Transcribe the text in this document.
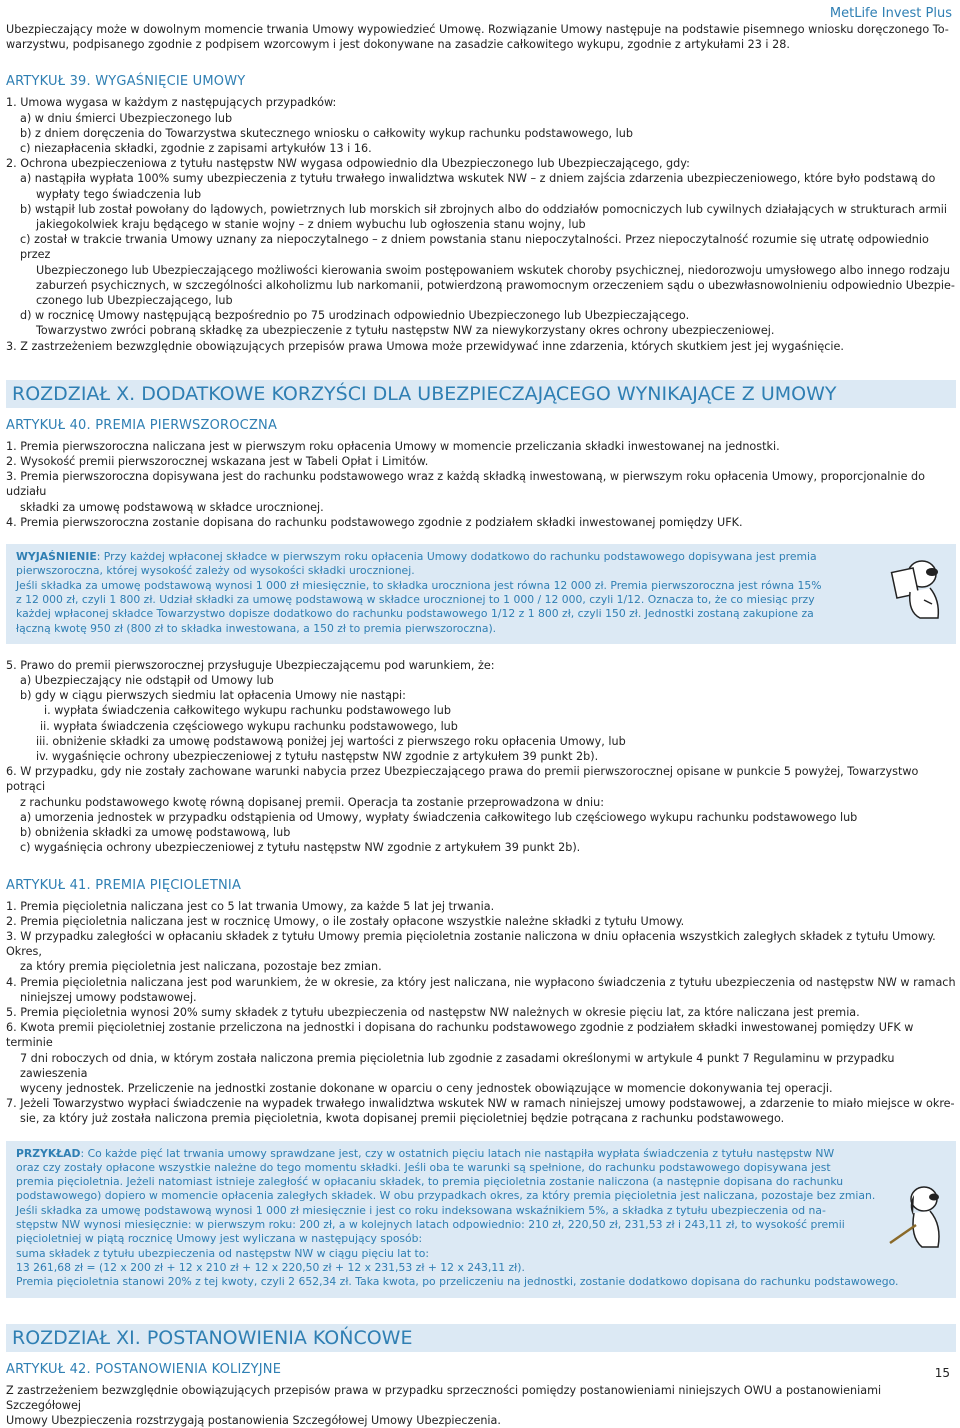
MetLife Invest Plus

Ubezpieczający może w dowolnym momencie trwania Umowy wypowiedzieć Umowę. Rozwiązanie Umowy następuje na podstawie pisemnego wniosku doręczonego To-

warzystwu, podpisanego zgodnie z podpisem wzorcowym i jest dokonywane na zasadzie całkowitego wykupu, zgodnie z artykułami 23 i 28.

ARTYKUŁ 39. WYGAŚNIĘCIE UMOWY

1. Umowa wygasa w każdym z następujących przypadków:

a) w dniu śmierci Ubezpieczonego lub

b) z dniem doręczenia do Towarzystwa skutecznego wniosku o całkowity wykup rachunku podstawowego, lub

c) niezapłacenia składki, zgodnie z zapisami artykułów 13 i 16.

2. Ochrona ubezpieczeniowa z tytułu następstw NW wygasa odpowiednio dla Ubezpieczonego lub Ubezpieczającego, gdy:

a) nastąpiła wypłata 100% sumy ubezpieczenia z tytułu trwałego inwalidztwa wskutek NW – z dniem zajścia zdarzenia ubezpieczeniowego, które było podstawą do

wypłaty tego świadczenia lub

b) wstąpił lub został powołany do lądowych, powietrznych lub morskich sił zbrojnych albo do oddziałów pomocniczych lub cywilnych działających w strukturach armii

jakiegokolwiek kraju będącego w stanie wojny – z dniem wybuchu lub ogłoszenia stanu wojny, lub

c) został w trakcie trwania Umowy uznany za niepoczytalnego – z dniem powstania stanu niepoczytalności. Przez niepoczytalność rozumie się utratę odpowiednio przez

Ubezpieczonego lub Ubezpieczającego możliwości kierowania swoim postępowaniem wskutek choroby psychicznej, niedorozwoju umysłowego albo innego rodzaju

zaburzeń psychicznych, w szczególności alkoholizmu lub narkomanii, potwierdzoną prawomocnym orzeczeniem sądu o ubezwłasnowolnieniu odpowiednio Ubezpie-

czonego lub Ubezpieczającego, lub

d) w rocznicę Umowy następującą bezpośrednio po 75 urodzinach odpowiednio Ubezpieczonego lub Ubezpieczającego.

Towarzystwo zwróci pobraną składkę za ubezpieczenie z tytułu następstw NW za niewykorzystany okres ochrony ubezpieczeniowej.

3. Z zastrzeżeniem bezwzględnie obowiązujących przepisów prawa Umowa może przewidywać inne zdarzenia, których skutkiem jest jej wygaśnięcie.

ROZDZIAŁ X. DODATKOWE KORZYŚCI DLA UBEZPIECZAJĄCEGO WYNIKAJĄCE Z UMOWY
ARTYKUŁ 40. PREMIA PIERWSZOROCZNA

1. Premia pierwszoroczna naliczana jest w pierwszym roku opłacenia Umowy w momencie przeliczania składki inwestowanej na jednostki.

2. Wysokość premii pierwszorocznej wskazana jest w Tabeli Opłat i Limitów.

3. Premia pierwszoroczna dopisywana jest do rachunku podstawowego wraz z każdą składką inwestowaną, w pierwszym roku opłacenia Umowy, proporcjonalnie do udziału

składki za umowę podstawową w składce urocznionej.

4. Premia pierwszoroczna zostanie dopisana do rachunku podstawowego zgodnie z podziałem składki inwestowanej pomiędzy UFK.

WYJAŚNIENIE: Przy każdej wpłaconej składce w pierwszym roku opłacenia Umowy dodatkowo do rachunku podstawowego dopisywana jest premia

pierwszoroczna, której wysokość zależy od wysokości składki urocznionej.

Jeśli składka za umowę podstawową wynosi 1 000 zł miesięcznie, to składka uroczniona jest równa 12 000 zł. Premia pierwszoroczna jest równa 15%

z 12 000 zł, czyli 1 800 zł. Udział składki za umowę podstawową w składce urocznionej to 1 000 / 12 000, czyli 1/12. Oznacza to, że co miesiąc przy

każdej wpłaconej składce Towarzystwo dopisze dodatkowo do rachunku podstawowego 1/12 z 1 800 zł, czyli 150 zł. Jednostki zostaną zakupione za

łączną kwotę 950 zł (800 zł to składka inwestowana, a 150 zł to premia pierwszoroczna).

5. Prawo do premii pierwszorocznej przysługuje Ubezpieczającemu pod warunkiem, że:

a) Ubezpieczający nie odstąpił od Umowy lub

b) gdy w ciągu pierwszych siedmiu lat opłacenia Umowy nie nastąpi:

i. wypłata świadczenia całkowitego wykupu rachunku podstawowego lub

ii. wypłata świadczenia częściowego wykupu rachunku podstawowego, lub

iii. obniżenie składki za umowę podstawową poniżej jej wartości z pierwszego roku opłacenia Umowy, lub

iv. wygaśnięcie ochrony ubezpieczeniowej z tytułu następstw NW zgodnie z artykułem 39 punkt 2b).

6. W przypadku, gdy nie zostały zachowane warunki nabycia przez Ubezpieczającego prawa do premii pierwszorocznej opisane w punkcie 5 powyżej, Towarzystwo potrąci

z rachunku podstawowego kwotę równą dopisanej premii. Operacja ta zostanie przeprowadzona w dniu:

a) umorzenia jednostek w przypadku odstąpienia od Umowy, wypłaty świadczenia całkowitego lub częściowego wykupu rachunku podstawowego lub

b) obniżenia składki za umowę podstawową, lub

c) wygaśnięcia ochrony ubezpieczeniowej z tytułu następstw NW zgodnie z artykułem 39 punkt 2b).

ARTYKUŁ 41. PREMIA PIĘCIOLETNIA

1. Premia pięcioletnia naliczana jest co 5 lat trwania Umowy, za każde 5 lat jej trwania.

2. Premia pięcioletnia naliczana jest w rocznicę Umowy, o ile zostały opłacone wszystkie należne składki z tytułu Umowy.

3. W przypadku zaległości w opłacaniu składek z tytułu Umowy premia pięcioletnia zostanie naliczona w dniu opłacenia wszystkich zaległych składek z tytułu Umowy. Okres,

za który premia pięcioletnia jest naliczana, pozostaje bez zmian.

4. Premia pięcioletnia naliczana jest pod warunkiem, że w okresie, za który jest naliczana, nie wypłacono świadczenia z tytułu ubezpieczenia od następstw NW w ramach

niniejszej umowy podstawowej.

5. Premia pięcioletnia wynosi 20% sumy składek z tytułu ubezpieczenia od następstw NW należnych w okresie pięciu lat, za które naliczana jest premia.

6. Kwota premii pięcioletniej zostanie przeliczona na jednostki i dopisana do rachunku podstawowego zgodnie z podziałem składki inwestowanej pomiędzy UFK w terminie

7 dni roboczych od dnia, w którym została naliczona premia pięcioletnia lub zgodnie z zasadami określonymi w artykule 4 punkt 7 Regulaminu w przypadku zawieszenia

wyceny jednostek. Przeliczenie na jednostki zostanie dokonane w oparciu o ceny jednostek obowiązujące w momencie dokonywania tej operacji.

7. Jeżeli Towarzystwo wypłaci świadczenie na wypadek trwałego inwalidztwa wskutek NW w ramach niniejszej umowy podstawowej, a zdarzenie to miało miejsce w okre-

sie, za który już została naliczona premia pięcioletnia, kwota dopisanej premii pięcioletniej będzie potrącana z rachunku podstawowego.

PRZYKŁAD: Co każde pięć lat trwania umowy sprawdzane jest, czy w ostatnich pięciu latach nie nastąpiła wypłata świadczenia z tytułu następstw NW

oraz czy zostały opłacone wszystkie należne do tego momentu składki. Jeśli oba te warunki są spełnione, do rachunku podstawowego dopisywana jest

premia pięcioletnia. Jeżeli natomiast istnieje zaległość w opłacaniu składek, to premia pięcioletnia zostanie naliczona (a następnie dopisana do rachunku

podstawowego) dopiero w momencie opłacenia zaległych składek. W obu przypadkach okres, za który premia pięcioletnia jest naliczana, pozostaje bez zmian.

Jeśli składka za umowę podstawową wynosi 1 000 zł miesięcznie i jest co roku indeksowana wskaźnikiem 5%, a składka z tytułu ubezpieczenia od na-

stępstw NW wynosi miesięcznie: w pierwszym roku: 200 zł, a w kolejnych latach odpowiednio: 210 zł, 220,50 zł, 231,53 zł i 243,11 zł, to wysokość premii

pięcioletniej w piątą rocznicę Umowy jest wyliczana w następujący sposób:

suma składek z tytułu ubezpieczenia od następstw NW w ciągu pięciu lat to:

13 261,68 zł = (12 x 200 zł + 12 x 210 zł + 12 x 220,50 zł + 12 x 231,53 zł + 12 x 243,11 zł).

Premia pięcioletnia stanowi 20% z tej kwoty, czyli 2 652,34 zł. Taka kwota, po przeliczeniu na jednostki, zostanie dodatkowo dopisana do rachunku podstawowego.

ROZDZIAŁ XI. POSTANOWIENIA KOŃCOWE
ARTYKUŁ 42. POSTANOWIENIA KOLIZYJNE

Z zastrzeżeniem bezwzględnie obowiązujących przepisów prawa w przypadku sprzeczności pomiędzy postanowieniami niniejszych OWU a postanowieniami Szczegółowej

Umowy Ubezpieczenia rozstrzygają postanowienia Szczegółowej Umowy Ubezpieczenia.

15
